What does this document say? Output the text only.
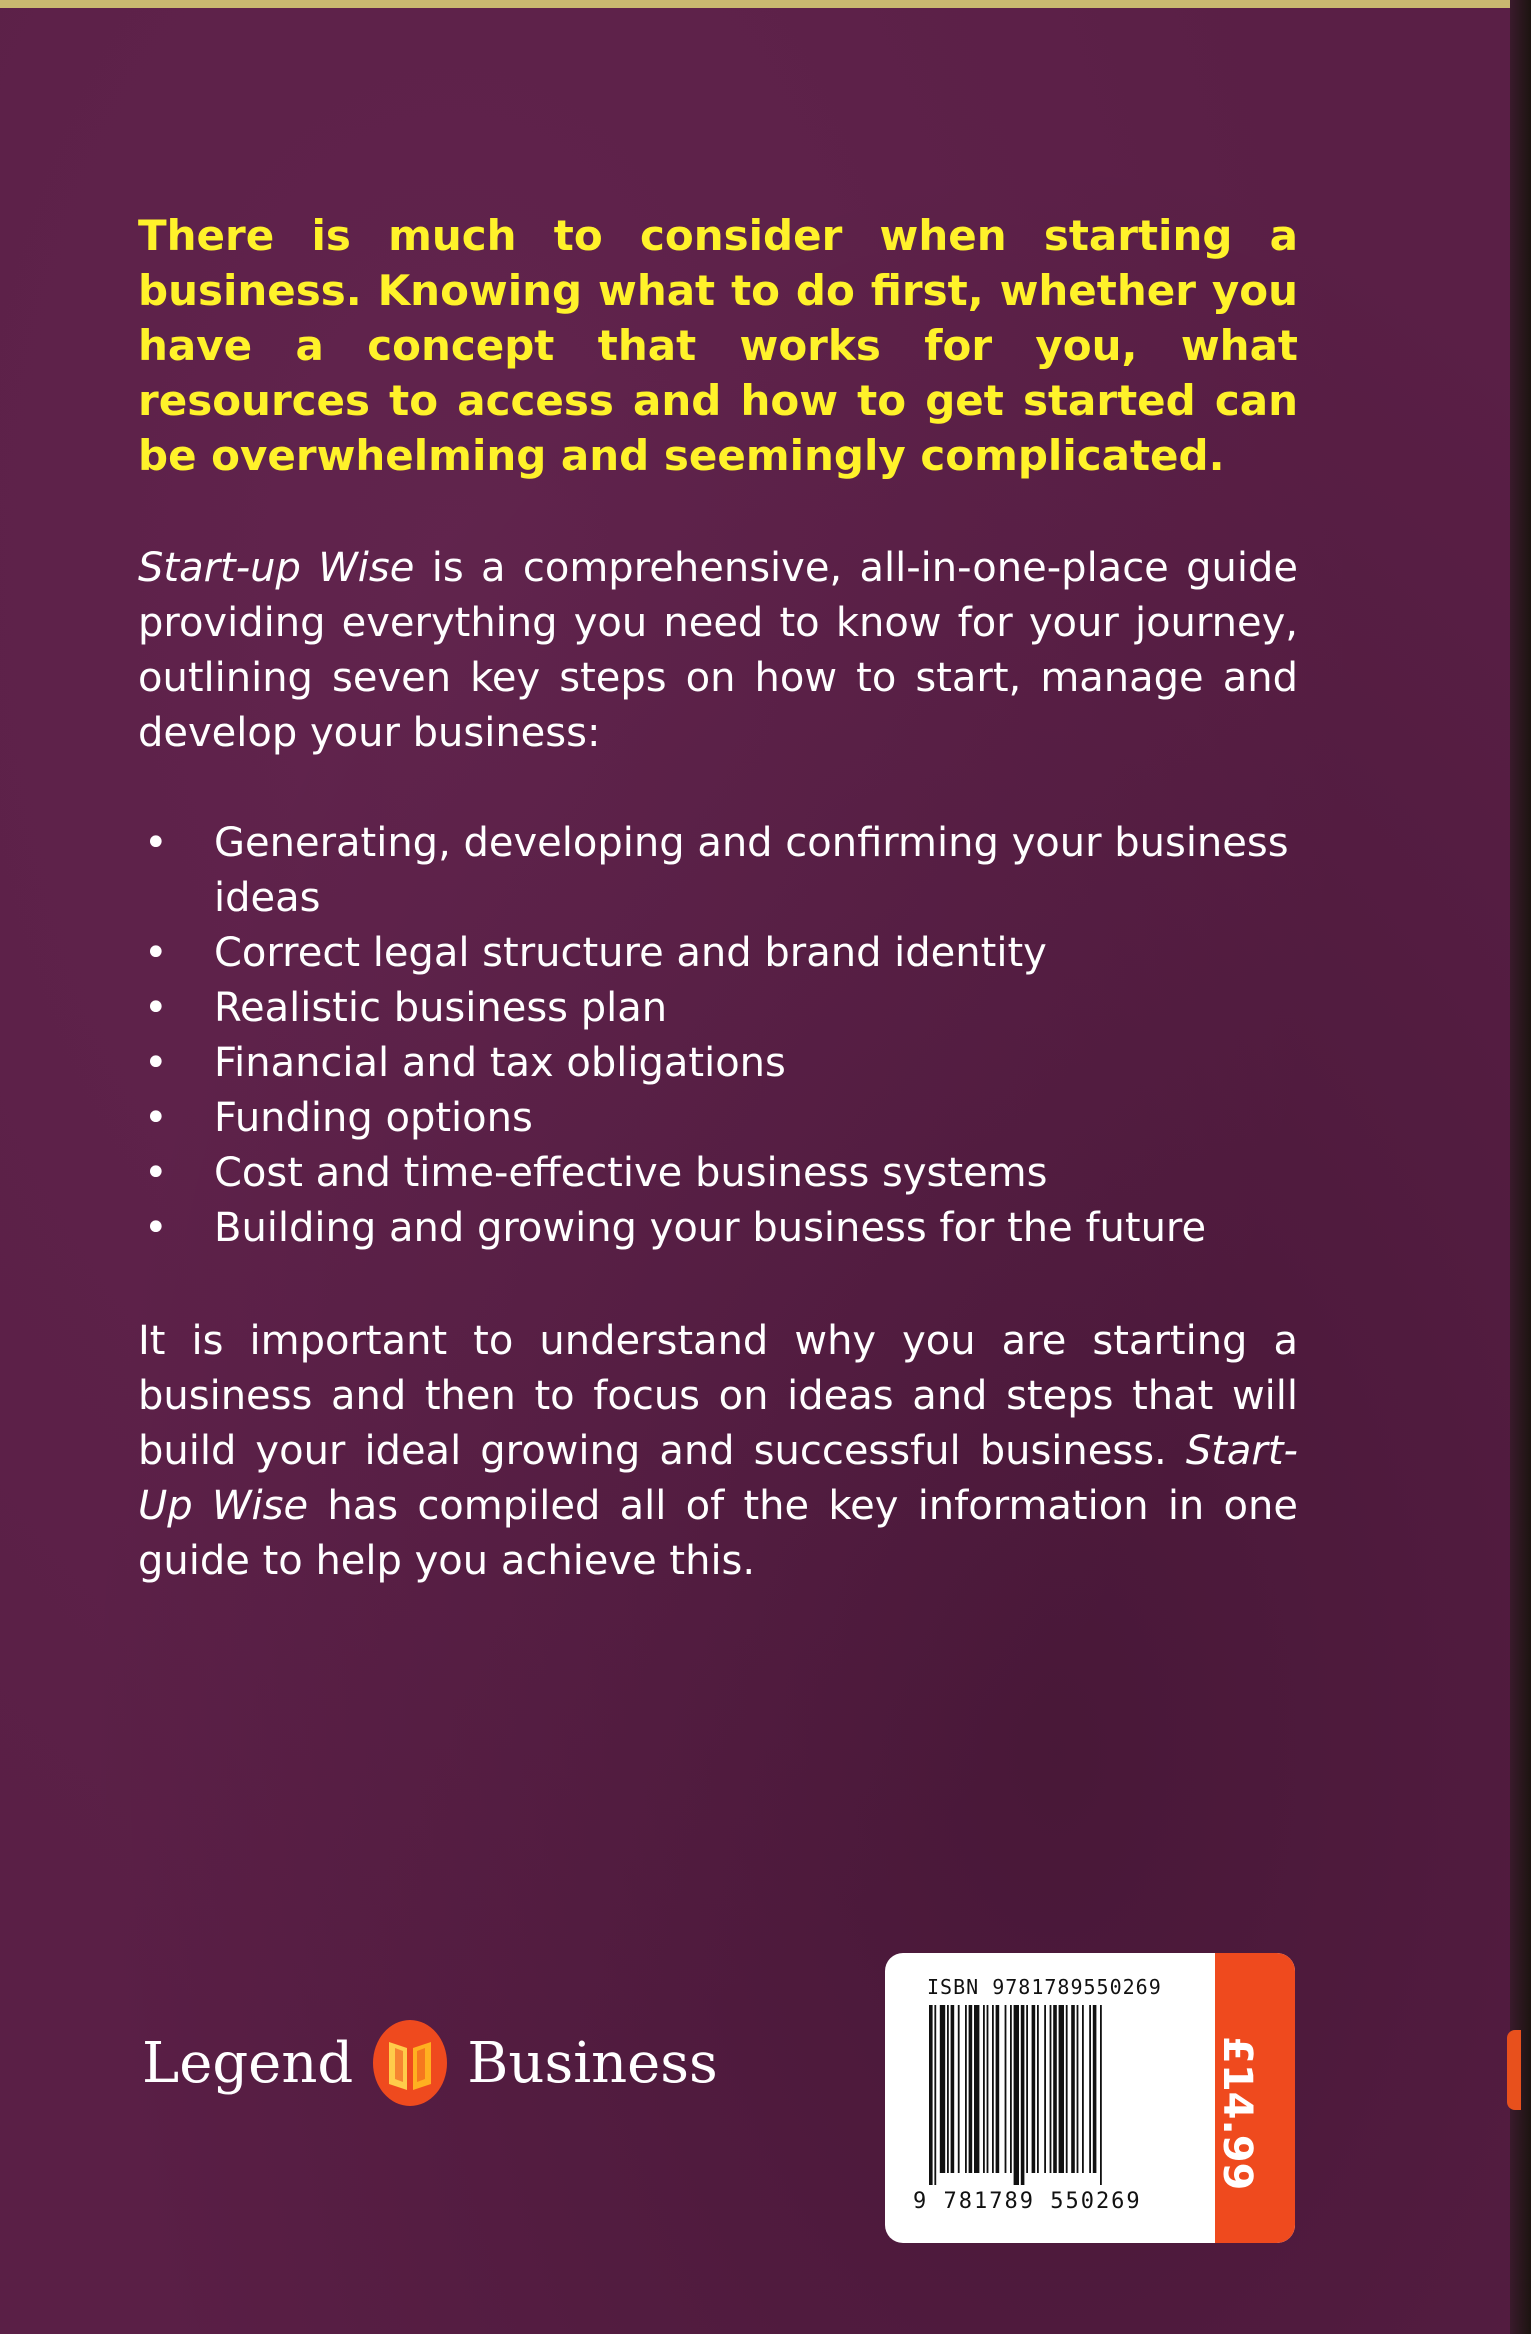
There is much to consider when starting a business. Knowing what to do first, whether you have a concept that works for you, what resources to access and how to get started can be overwhelming and seemingly complicated.

Start-up Wise is a comprehensive, all-in-one-place guide providing everything you need to know for your journey, outlining seven key steps on how to start, manage and develop your business:

• Generating, developing and confirming your business ideas
• Correct legal structure and brand identity
• Realistic business plan
• Financial and tax obligations
• Funding options
• Cost and time-effective business systems
• Building and growing your business for the future

It is important to understand why you are starting a business and then to focus on ideas and steps that will build your ideal growing and successful business. Start-Up Wise has compiled all of the key information in one guide to help you achieve this.

Legend Business
ISBN 9781789550269
9 781789 550269
£14.99
